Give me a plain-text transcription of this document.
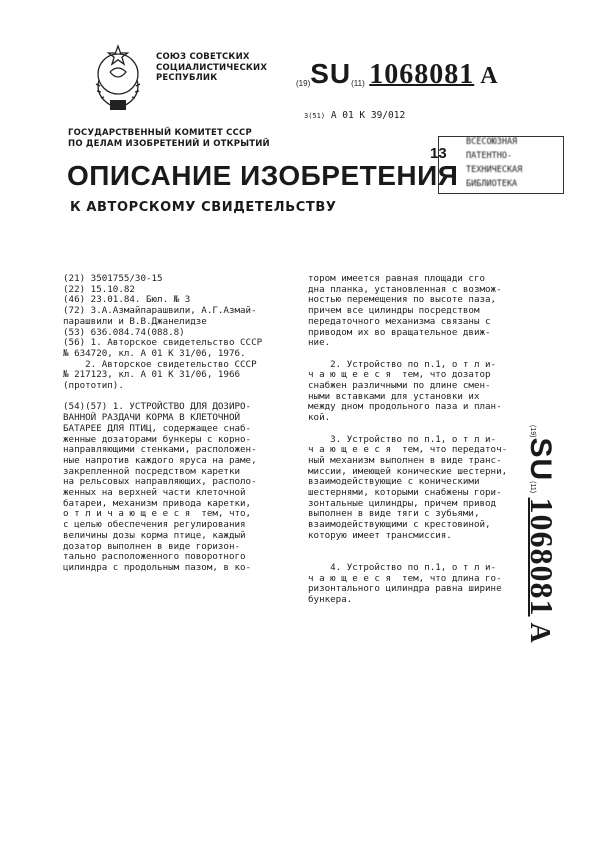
СОЮЗ СОВЕТСКИХ
СОЦИАЛИСТИЧЕСКИХ
РЕСПУБЛИК
(19)SU(11) 1068081 A
3(51) А 01 К 39/012
ГОСУДАРСТВЕННЫЙ КОМИТЕТ СССР
ПО ДЕЛАМ ИЗОБРЕТЕНИЙ И ОТКРЫТИЙ
13
ВСЕСОЮЗНАЯ
ПАТЕНТНО-
ТЕХНИЧЕСКАЯ
БИБЛИОТЕКА
ОПИСАНИЕ ИЗОБРЕТЕНИЯ
К АВТОРСКОМУ СВИДЕТЕЛЬСТВУ
(21) 3501755/30-15
(22) 15.10.82
(46) 23.01.84. Бюл. № 3
(72) З.А.Азмайпарашвили, А.Г.Азмай-
парашвили и В.В.Джанелидзе
(53) 636.084.74(088.8)
(56) 1. Авторское свидетельство СССР
№ 634720, кл. А 01 К 31/06, 1976.
2. Авторское свидетельство СССР
№ 217123, кл. А 01 К 31/06, 1966
(прототип).
(54)(57) 1. УСТРОЙСТВО ДЛЯ ДОЗИРО-
ВАННОЙ РАЗДАЧИ КОРМА В КЛЕТОЧНОЙ
БАТАРЕЕ ДЛЯ ПТИЦ, содержащее снаб-
женные дозаторами бункеры с корно-
направляющими стенками, расположен-
ные напротив каждого яруса на раме,
закрепленной посредством каретки
на рельсовых направляющих, располо-
женных на верхней части клеточной
батареи, механизм привода каретки,
о т л и ч а ю щ е е с я  тем, что,
с целью обеспечения регулирования
величины дозы корма птице, каждый
дозатор выполнен в виде горизон-
тально расположенного поворотного
цилиндра с продольным пазом, в ко-
тором имеется равная площади сго
дна планка, установленная с возмож-
ностью перемещения по высоте паза,
причем все цилиндры посредством
передаточного механизма связаны с
приводом их во вращательное движ-
ние.
2. Устройство по п.1, о т л и-
ч а ю щ е е с я  тем, что дозатор
снабжен различными по длине смен-
ными вставками для установки их
между дном продольного паза и план-
кой.
3. Устройство по п.1, о т л и-
ч а ю щ е е с я  тем, что передаточ-
ный механизм выполнен в виде транс-
миссии, имеющей конические шестерни,
взаимодействующие с коническими
шестернями, которыми снабжены гори-
зонтальные цилиндры, причем привод
выполнен в виде тяги с зубьями,
взаимодействующими с крестовиной,
которую имеет трансмиссия.
4. Устройство по п.1, о т л и-
ч а ю щ е е с я  тем, что длина го-
ризонтального цилиндра равна ширине
бункера.
(19)SU(11) 1068081A
